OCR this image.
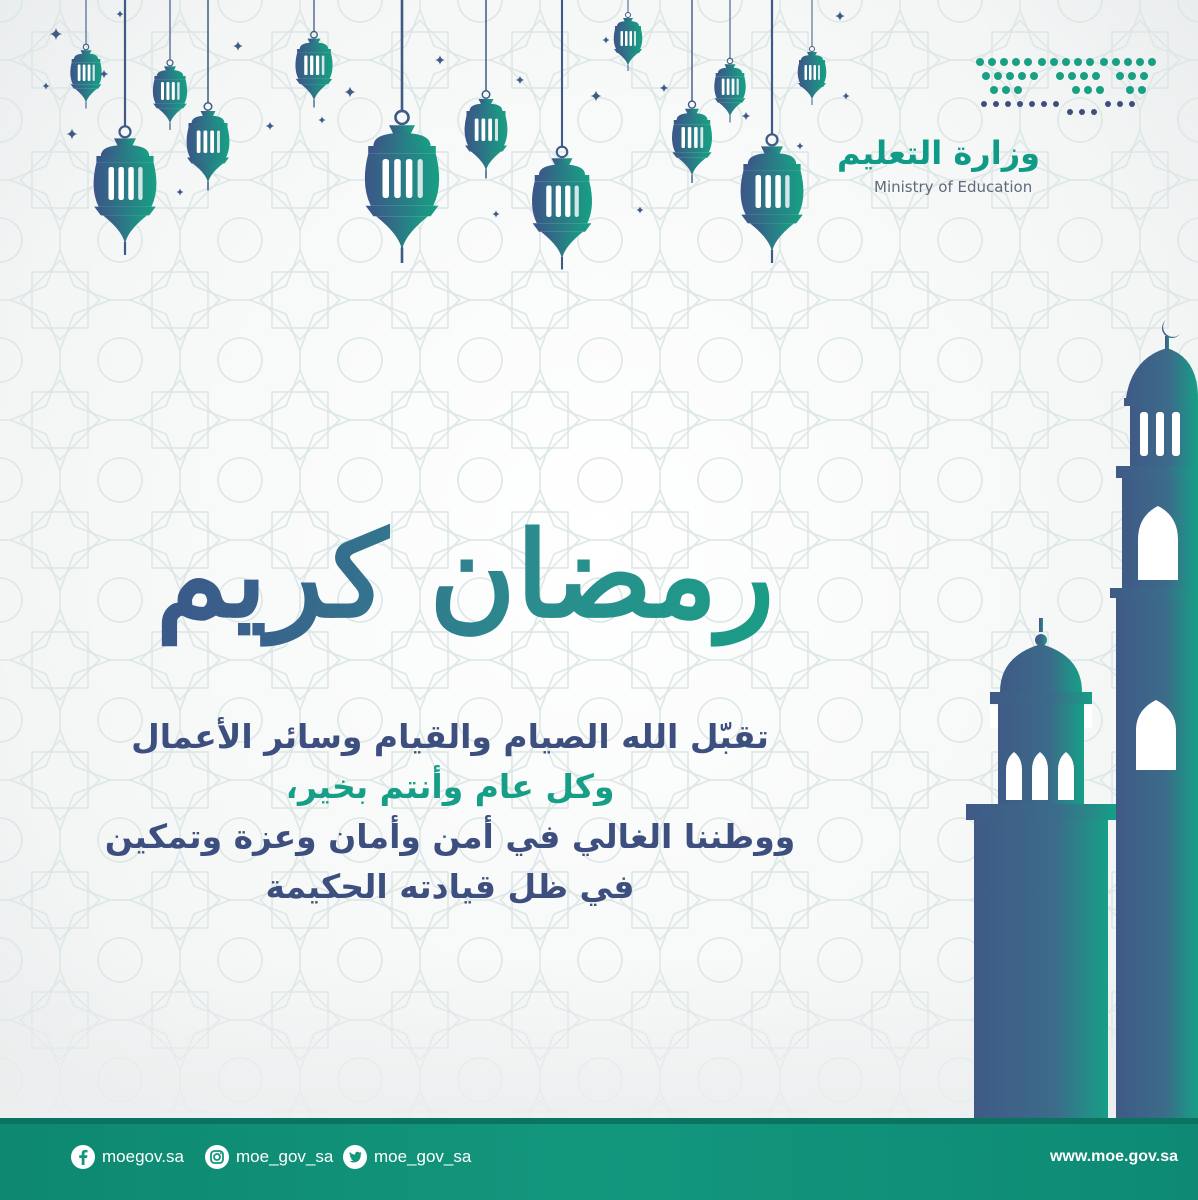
وزارة التعليم
Ministry of Education
رمضان كريم
تقبّل الله الصيام والقيام وسائر الأعمال
وكل عام وأنتم بخير،
ووطننا الغالي في أمن وأمان وعزة وتمكين
في ظل قيادته الحكيمة
moegov.sa	moe_gov_sa moe_gov_sa	www.moe.gov.sa
